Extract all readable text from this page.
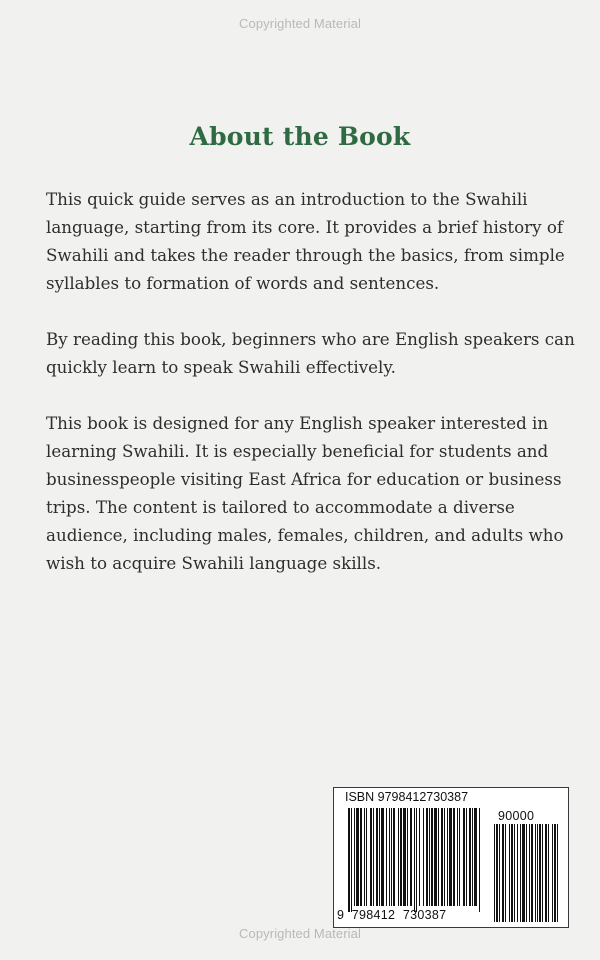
Copyrighted Material
About the Book

This quick guide serves as an introduction to the Swahili language, starting from its core. It provides a brief history of Swahili and takes the reader through the basics, from simple syllables to formation of words and sentences.

By reading this book, beginners who are English speakers can quickly learn to speak Swahili effectively.

This book is designed for any English speaker interested in learning Swahili. It is especially beneficial for students and businesspeople visiting East Africa for education or business trips. The content is tailored to accommodate a diverse audience, including males, females, children, and adults who wish to acquire Swahili language skills.

ISBN 9798412730387
90000
9  798412  730387
Copyrighted Material
